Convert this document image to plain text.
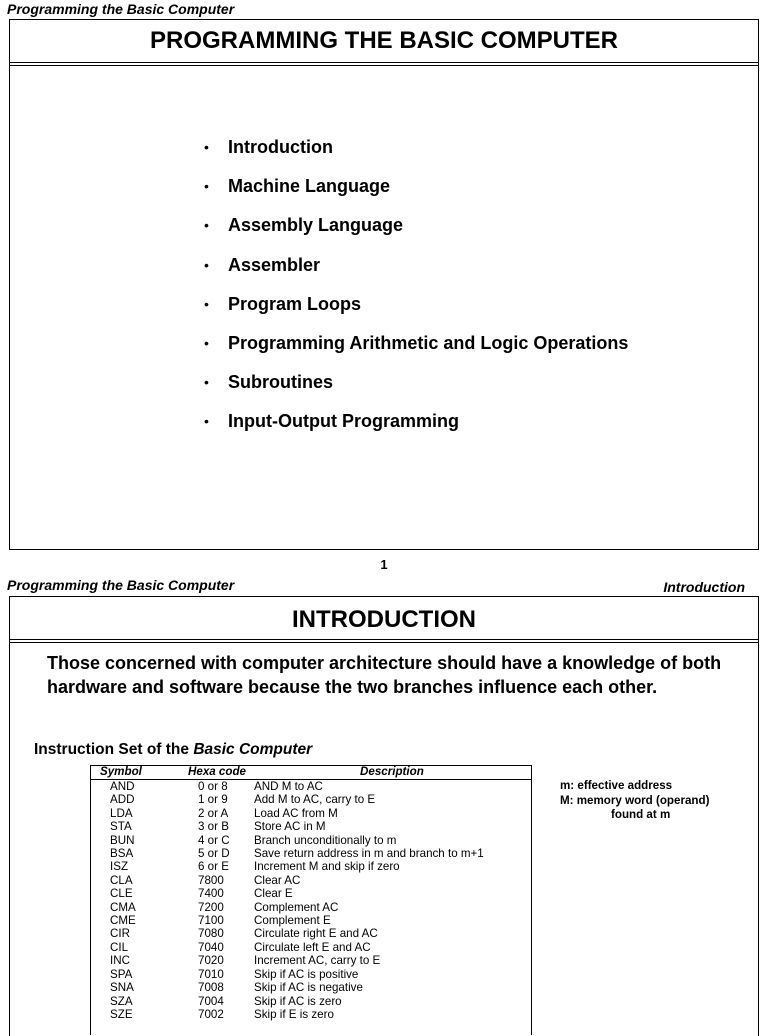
Programming the Basic Computer
PROGRAMMING THE BASIC COMPUTER
• Introduction
• Machine Language
• Assembly Language
• Assembler
• Program Loops
• Programming Arithmetic and Logic Operations
• Subroutines
• Input-Output Programming
1
Programming the Basic Computer	Introduction
INTRODUCTION
Those concerned with computer architecture should have a knowledge of both hardware and software because the two branches influence each other.
Instruction Set of the Basic Computer
Symbol	Hexa code	Description
AND	0 or 8	AND M to AC
ADD	1 or 9	Add M to AC, carry to E
LDA	2 or A	Load AC from M
STA	3 or B	Store AC in M
BUN	4 or C	Branch unconditionally to m
BSA	5 or D	Save return address in m and branch to m+1
ISZ	6 or E	Increment M and skip if zero
CLA	7800	Clear AC
CLE	7400	Clear E
CMA	7200	Complement AC
CME	7100	Complement E
CIR	7080	Circulate right E and AC
CIL	7040	Circulate left E and AC
INC	7020	Increment AC, carry to E
SPA	7010	Skip if AC is positive
SNA	7008	Skip if AC is negative
SZA	7004	Skip if AC is zero
SZE	7002	Skip if E is zero
m: effective address
M: memory word (operand)
found at m
